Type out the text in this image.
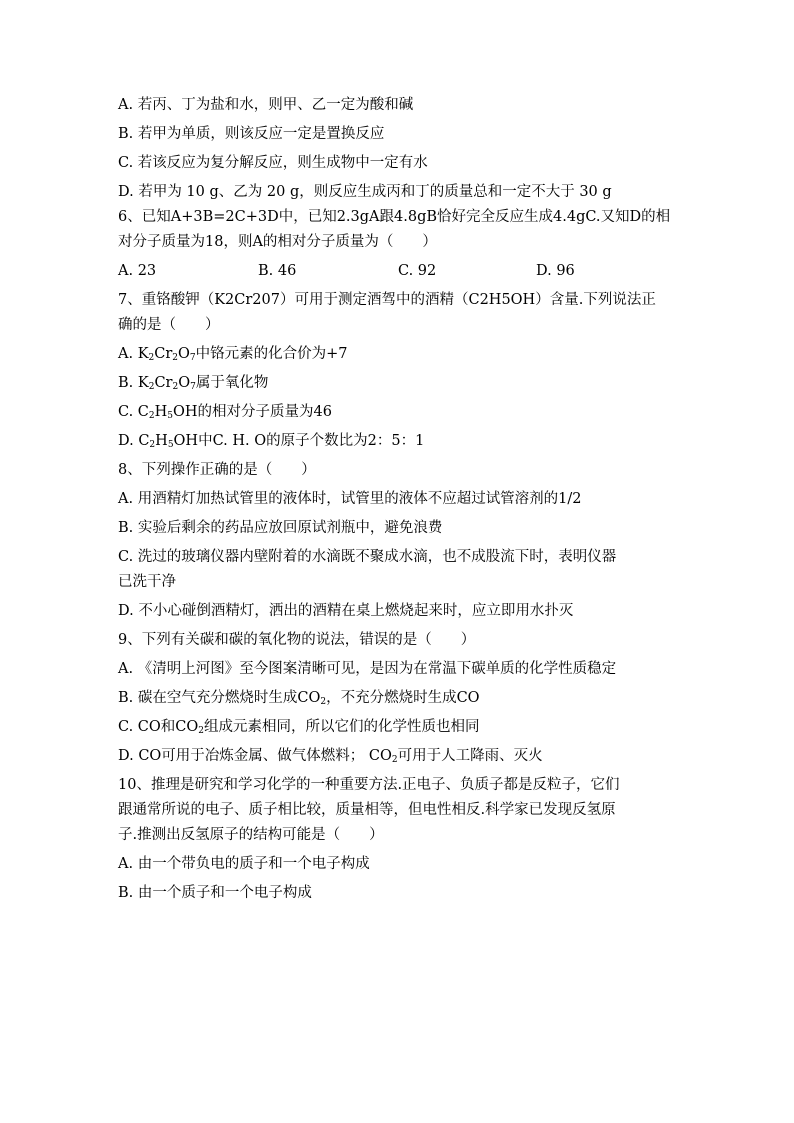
A. 若丙、丁为盐和水，则甲、乙一定为酸和碱
B. 若甲为单质，则该反应一定是置换反应
C. 若该反应为复分解反应，则生成物中一定有水
D. 若甲为 10 g、乙为 20 g，则反应生成丙和丁的质量总和一定不大于 30 g
6、已知A+3B=2C+3D中，已知2.3gA跟4.8gB恰好完全反应生成4.4gC.又知D的相
对分子质量为18，则A的相对分子质量为（　　）
A. 23	B. 46	C. 92	D. 96
7、重铬酸钾（K2Cr207）可用于测定酒驾中的酒精（C2H5OH）含量.下列说法正
确的是（　　）
A. $K_2Cr_2O_7$中铬元素的化合价为+7
B. $K_2Cr_2O_7$属于氧化物
C. $C_2H_5OH$的相对分子质量为46
D. $C_2H_5OH$中C. H. O的原子个数比为2：5：1
8、下列操作正确的是（　　）
A. 用酒精灯加热试管里的液体时，试管里的液体不应超过试管溶剂的1/2
B. 实验后剩余的药品应放回原试剂瓶中，避免浪费
C. 洗过的玻璃仪器内壁附着的水滴既不聚成水滴，也不成股流下时，表明仪器
已洗干净
D. 不小心碰倒酒精灯，洒出的酒精在桌上燃烧起来时，应立即用水扑灭
9、下列有关碳和碳的氧化物的说法，错误的是（　　）
A. 《清明上河图》至今图案清晰可见，是因为在常温下碳单质的化学性质稳定
B. 碳在空气充分燃烧时生成$CO_2$，不充分燃烧时生成CO
C. CO和$CO_2$组成元素相同，所以它们的化学性质也相同
D. CO可用于冶炼金属、做气体燃料； $CO_2$可用于人工降雨、灭火
10、推理是研究和学习化学的一种重要方法.正电子、负质子都是反粒子，它们
跟通常所说的电子、质子相比较，质量相等，但电性相反.科学家已发现反氢原
子.推测出反氢原子的结构可能是（　　）
A. 由一个带负电的质子和一个电子构成
B. 由一个质子和一个电子构成
